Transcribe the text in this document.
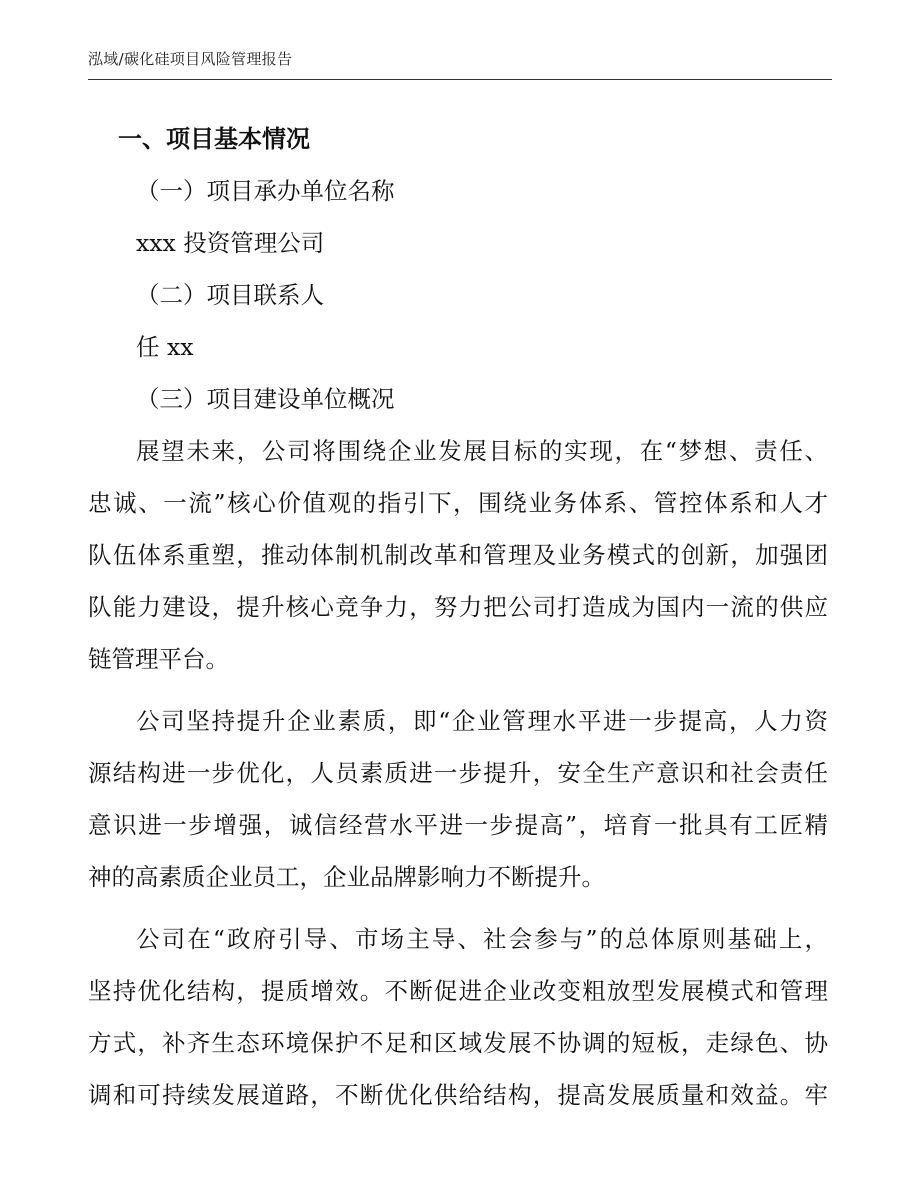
泓域/碳化硅项目风险管理报告
一、项目基本情况
（一）项目承办单位名称
xxx 投资管理公司
（二）项目联系人
任 xx
（三）项目建设单位概况
展望未来，公司将围绕企业发展目标的实现，在“梦想、责任、
忠诚、一流”核心价值观的指引下，围绕业务体系、管控体系和人才
队伍体系重塑，推动体制机制改革和管理及业务模式的创新，加强团
队能力建设，提升核心竞争力，努力把公司打造成为国内一流的供应
链管理平台。
公司坚持提升企业素质，即“企业管理水平进一步提高，人力资
源结构进一步优化，人员素质进一步提升，安全生产意识和社会责任
意识进一步增强，诚信经营水平进一步提高”，培育一批具有工匠精
神的高素质企业员工，企业品牌影响力不断提升。
公司在“政府引导、市场主导、社会参与”的总体原则基础上，
坚持优化结构，提质增效。不断促进企业改变粗放型发展模式和管理
方式，补齐生态环境保护不足和区域发展不协调的短板，走绿色、协
调和可持续发展道路，不断优化供给结构，提高发展质量和效益。牢
